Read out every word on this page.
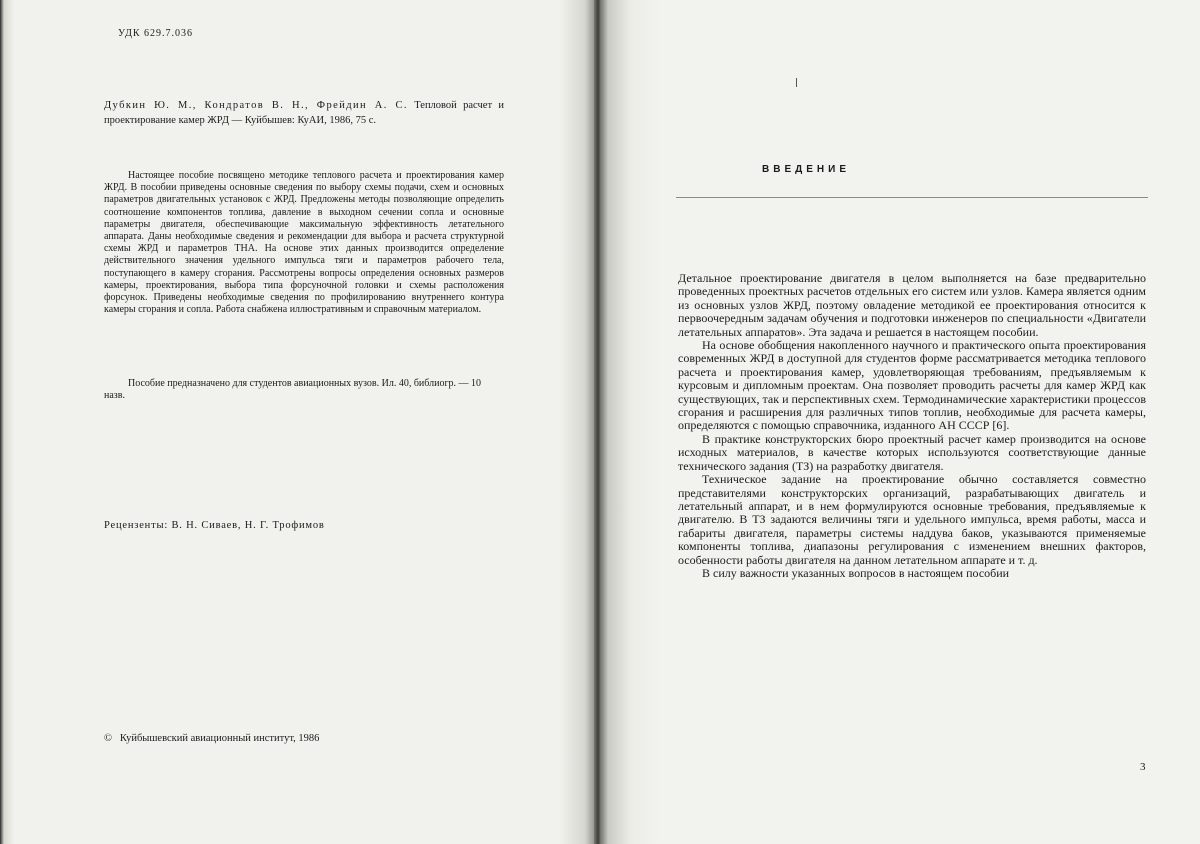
УДК 629.7.036
Дубкин Ю. М., Кондратов В. Н., Фрейдин А. С. Тепловой расчет и проектирование камер ЖРД — Куйбышев: КуАИ, 1986, 75 с.
Настоящее пособие посвящено методике теплового расчета и проектирования камер ЖРД. В пособии приведены основные сведения по выбору схемы подачи, схем и основных параметров двигательных установок с ЖРД. Предложены методы позволяющие определить соотношение компонентов топлива, давление в выходном сечении сопла и основные параметры двигателя, обеспечивающие максимальную эффективность летательного аппарата. Даны необходимые сведения и рекомендации для выбора и расчета структурной схемы ЖРД и параметров ТНА. На основе этих данных производится определение действительного значения удельного импульса тяги и параметров рабочего тела, поступающего в камеру сгорания. Рассмотрены вопросы определения основных размеров камеры, проектирования, выбора типа форсуночной головки и схемы расположения форсунок. Приведены необходимые сведения по профилированию внутреннего контура камеры сгорания и сопла. Работа снабжена иллюстративным и справочным материалом.
Пособие предназначено для студентов авиационных вузов. Ил. 40, библиогр. — 10 назв.
Рецензенты: В. Н. Сиваев, Н. Г. Трофимов
© Куйбышевский авиационный институт, 1986
ВВЕДЕНИЕ

Детальное проектирование двигателя в целом выполняется на базе предварительно проведенных проектных расчетов отдельных его систем или узлов. Камера является одним из основных узлов ЖРД, поэтому овладение методикой ее проектирования относится к первоочередным задачам обучения и подготовки инженеров по специальности «Двигатели летательных аппаратов». Эта задача и решается в настоящем пособии.

На основе обобщения накопленного научного и практического опыта проектирования современных ЖРД в доступной для студентов форме рассматривается методика теплового расчета и проектирования камер, удовлетворяющая требованиям, предъявляемым к курсовым и дипломным проектам. Она позволяет проводить расчеты для камер ЖРД как существующих, так и перспективных схем. Термодинамические характеристики процессов сгорания и расширения для различных типов топлив, необходимые для расчета камеры, определяются с помощью справочника, изданного АН СССР [6].

В практике конструкторских бюро проектный расчет камер производится на основе исходных материалов, в качестве которых используются соответствующие данные технического задания (ТЗ) на разработку двигателя.

Техническое задание на проектирование обычно составляется совместно представителями конструкторских организаций, разрабатывающих двигатель и летательный аппарат, и в нем формулируются основные требования, предъявляемые к двигателю. В ТЗ задаются величины тяги и удельного импульса, время работы, масса и габариты двигателя, параметры системы наддува баков, указываются применяемые компоненты топлива, диапазоны регулирования с изменением внешних факторов, особенности работы двигателя на данном летательном аппарате и т. д.

В силу важности указанных вопросов в настоящем пособии

3
